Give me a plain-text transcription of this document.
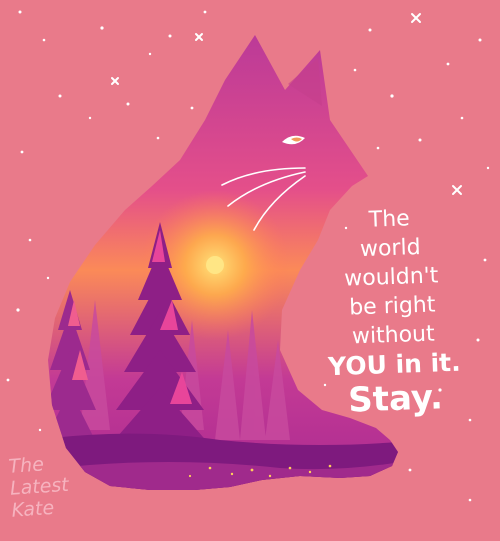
The
world
wouldn't
be right
without
YOU in it.
Stay.
The
Latest
Kate
